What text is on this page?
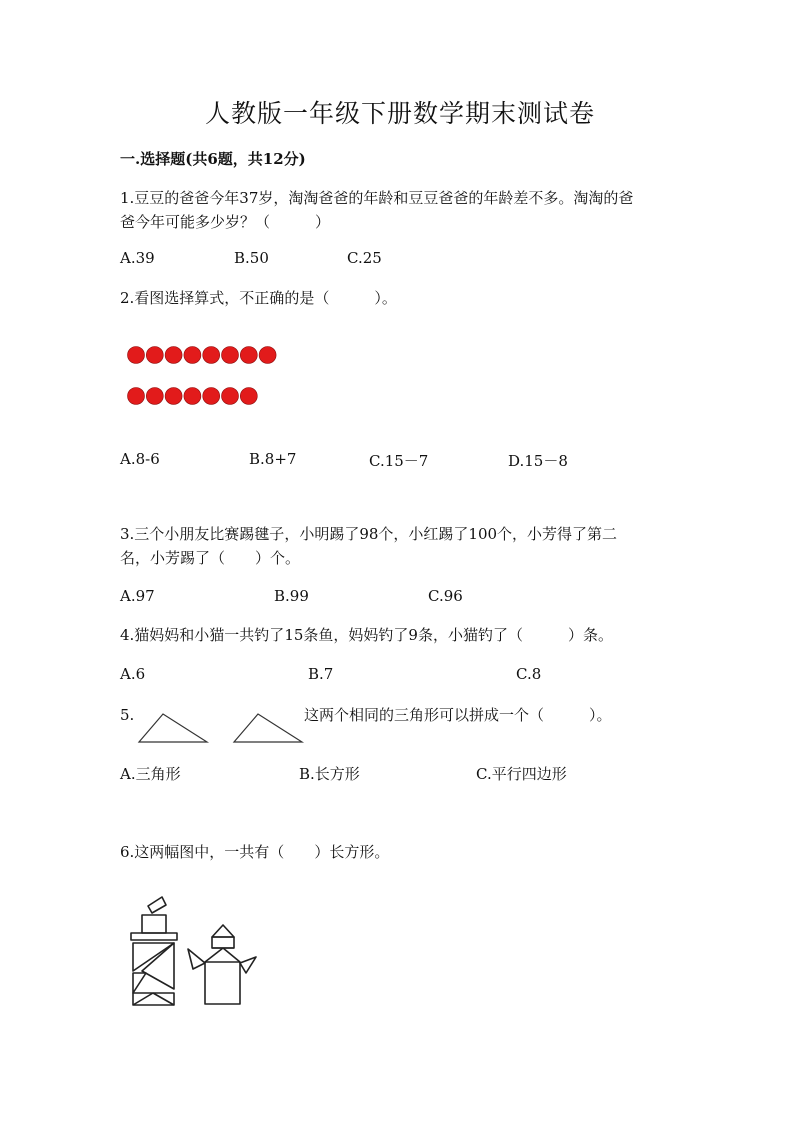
人教版一年级下册数学期末测试卷
一.选择题(共6题，共12分)
1.豆豆的爸爸今年37岁，淘淘爸爸的年龄和豆豆爸爸的年龄差不多。淘淘的爸
爸今年可能多少岁？（　　　）
A.39	B.50	C.25
2.看图选择算式，不正确的是（　　　）。
A.8-6	B.8+7	C.15－7	D.15－8
3.三个小朋友比赛踢毽子，小明踢了98个，小红踢了100个，小芳得了第二
名，小芳踢了（　　）个。
A.97	B.99	C.96
4.猫妈妈和小猫一共钓了15条鱼，妈妈钓了9条，小猫钓了（　　　）条。
A.6	B.7	C.8
5.	这两个相同的三角形可以拼成一个（　　　）。
A.三角形	B.长方形	C.平行四边形
6.这两幅图中，一共有（　　）长方形。
